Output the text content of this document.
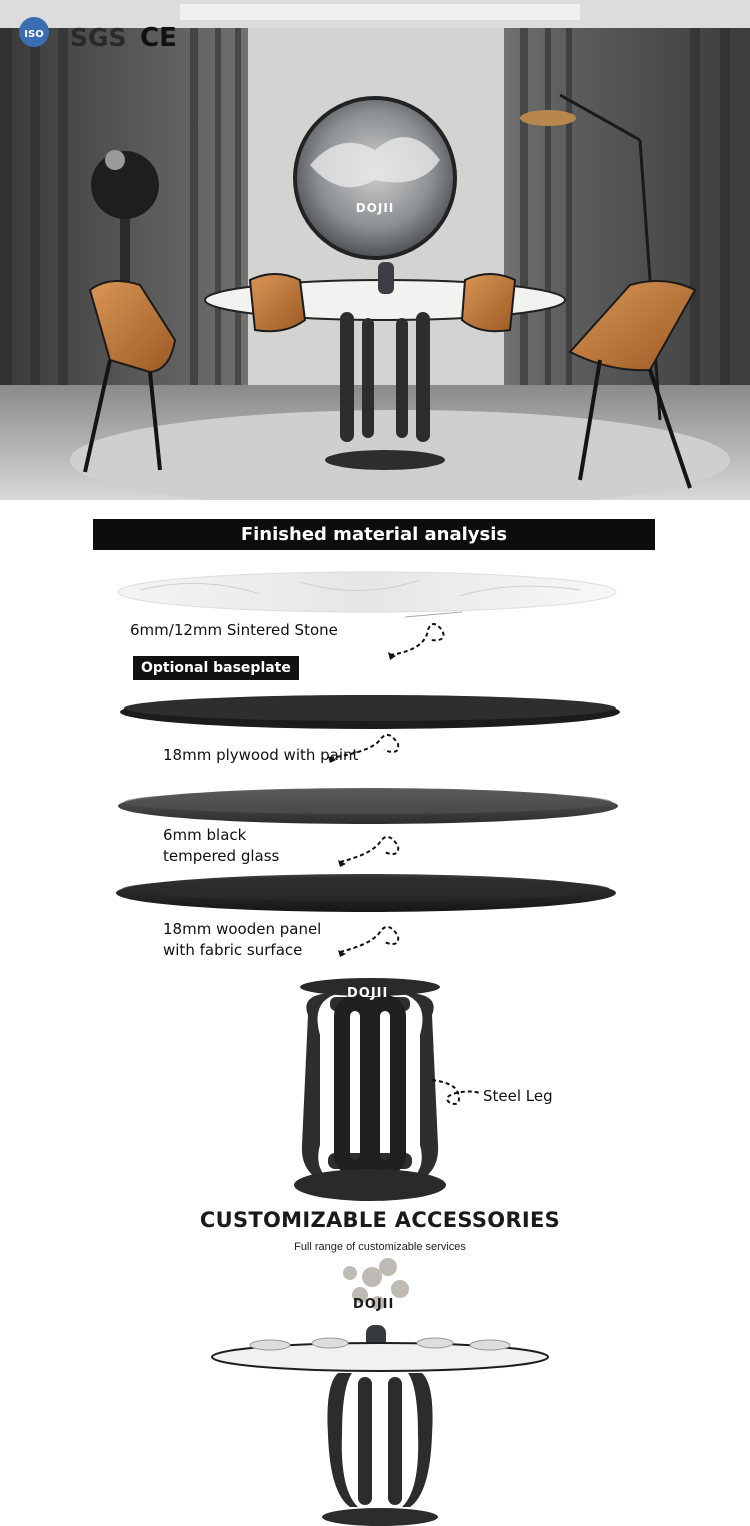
ISO SGS CE
DOJII
Finished material analysis
6mm/12mm Sintered Stone
Optional baseplate
18mm plywood with paint
6mm black
tempered glass
18mm wooden panel
with fabric surface
DOJII
Steel Leg
CUSTOMIZABLE ACCESSORIES
Full range of customizable services
DOJII
